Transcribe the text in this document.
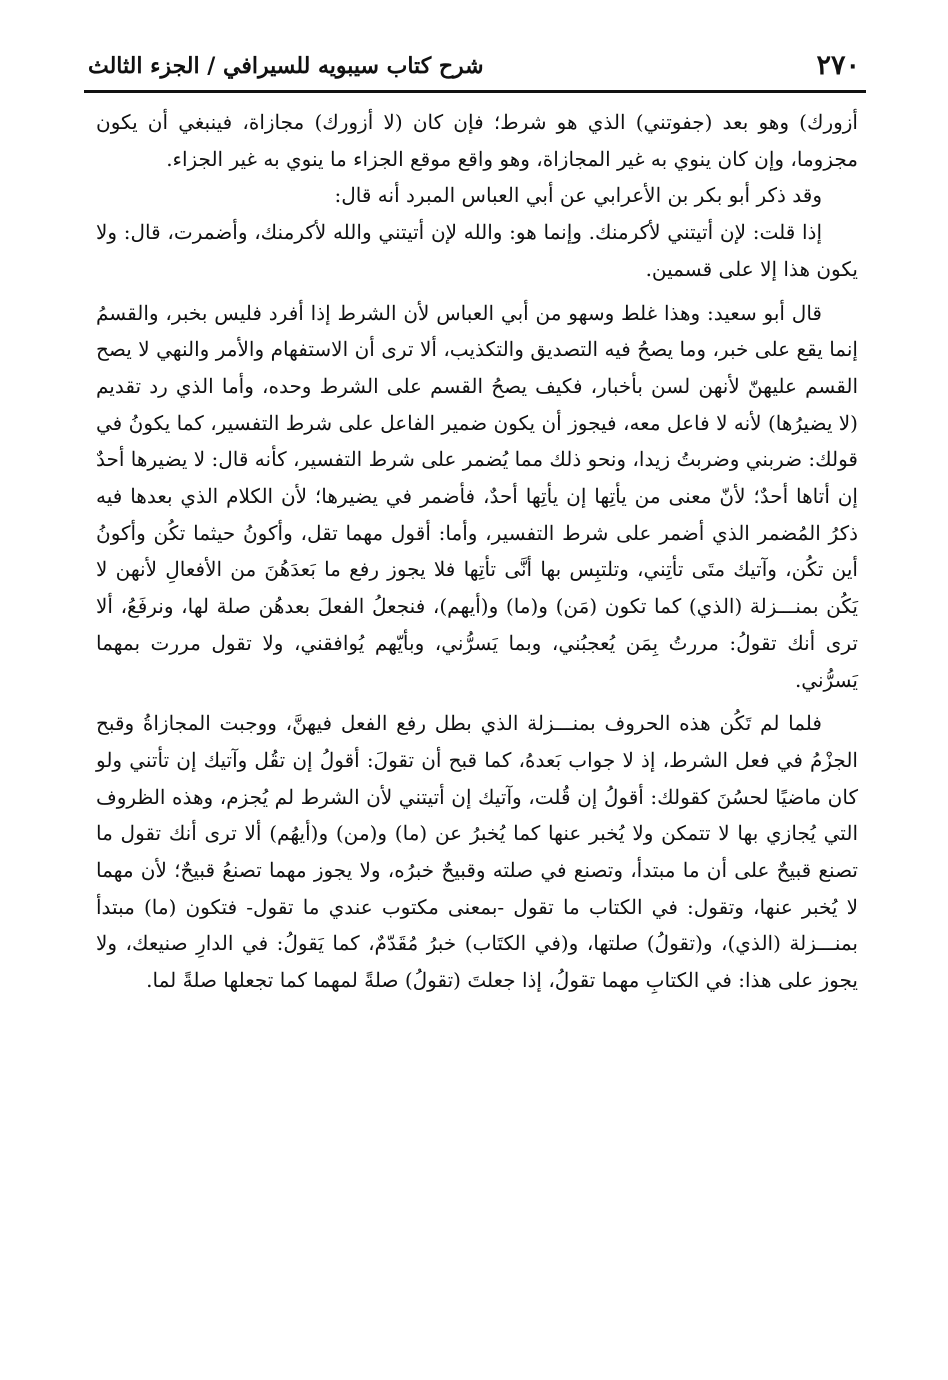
٢٧٠
شرح كتاب سيبويه للسيرافي / الجزء الثالث

أزورك) وهو بعد (جفوتني) الذي هو شرط؛ فإن كان (لا أزورك) مجازاة، فينبغي أن يكون مجزوما، وإن كان ينوي به غير المجازاة، وهو واقع موقع الجزاء ما ينوي به غير الجزاء.

وقد ذكر أبو بكر بن الأعرابي عن أبي العباس المبرد أنه قال:

إذا قلت: لإن أتيتني لأكرمنك. وإنما هو: والله لإن أتيتني والله لأكرمنك، وأضمرت، قال: ولا يكون هذا إلا على قسمين.

قال أبو سعيد: وهذا غلط وسهو من أبي العباس لأن الشرط إذا أفرد فليس بخبر، والقسمُ إنما يقع على خبر، وما يصحُ فيه التصديق والتكذيب، ألا ترى أن الاستفهام والأمر والنهي لا يصح القسم عليهنّ لأنهن لسن بأخبار، فكيف يصحُ القسم على الشرط وحده، وأما الذي رد تقديم (لا يضيرُها) لأنه لا فاعل معه، فيجوز أن يكون ضمير الفاعل على شرط التفسير، كما يكونُ في قولك: ضربني وضربتُ زيدا، ونحو ذلك مما يُضمر على شرط التفسير، كأنه قال: لا يضيرها أحدٌ إن أتاها أحدٌ؛ لأنّ معنى من يأتِها إن يأتِها أحدٌ، فأضمر في يضيرها؛ لأن الكلام الذي بعدها فيه ذكرُ المُضمر الذي أضمر على شرط التفسير، وأما: أقول مهما تقل، وأكونُ حيثما تكُن وأكونُ أين تكُن، وآتيك متَى تأتِني، وتلتبِس بها أنَّى تأتِها فلا يجوز رفع ما بَعدَهُنَ من الأفعالِ لأنهن لا يَكُن بمنـــزلة (الذي) كما تكون (مَن) و(ما) و(أيهم)، فنجعلُ الفعلَ بعدهُن صلة لها، ونرفَعُ، ألا ترى أنك تقولُ: مررتُ بِمَن يُعجبُني، وبما يَسرُّني، وبأيّهم يُوافقني، ولا تقول مررت بمهما يَسرُّني.

فلما لم تَكُن هذه الحروف بمنـــزلة الذي بطل رفع الفعل فيهنَّ، ووجبت المجازاةُ وقبح الجزْمُ في فعل الشرط، إذ لا جواب بَعدهُ، كما قبح أن تقولَ: أقولُ إن تقُل وآتيك إن تأتني ولو كان ماضيًا لحسُنَ كقولك: أقولُ إن قُلت، وآتيك إن أتيتني لأن الشرط لم يُجزم، وهذه الظروف التي يُجازي بها لا تتمكن ولا يُخبر عنها كما يُخبرُ عن (ما) و(من) و(أيهُم) ألا ترى أنك تقول ما تصنع قبيحٌ على أن ما مبتدأ، وتصنع في صلته وقبيحٌ خبرُه، ولا يجوز مهما تصنعُ قبيحٌ؛ لأن مهما لا يُخبر عنها، وتقول: في الكتاب ما تقول -بمعنى مكتوب عندي ما تقول- فتكون (ما) مبتدأ بمنـــزلة (الذي)، و(تقولُ) صلتها، و(في الكتَاب) خبرُ مُقَدّمٌ، كما يَقولُ: في الدارِ صنيعك، ولا يجوز على هذا: في الكتابِ مهما تقولُ، إذا جعلتَ (تقولُ) صلةً لمهما كما تجعلها صلةً لما.
